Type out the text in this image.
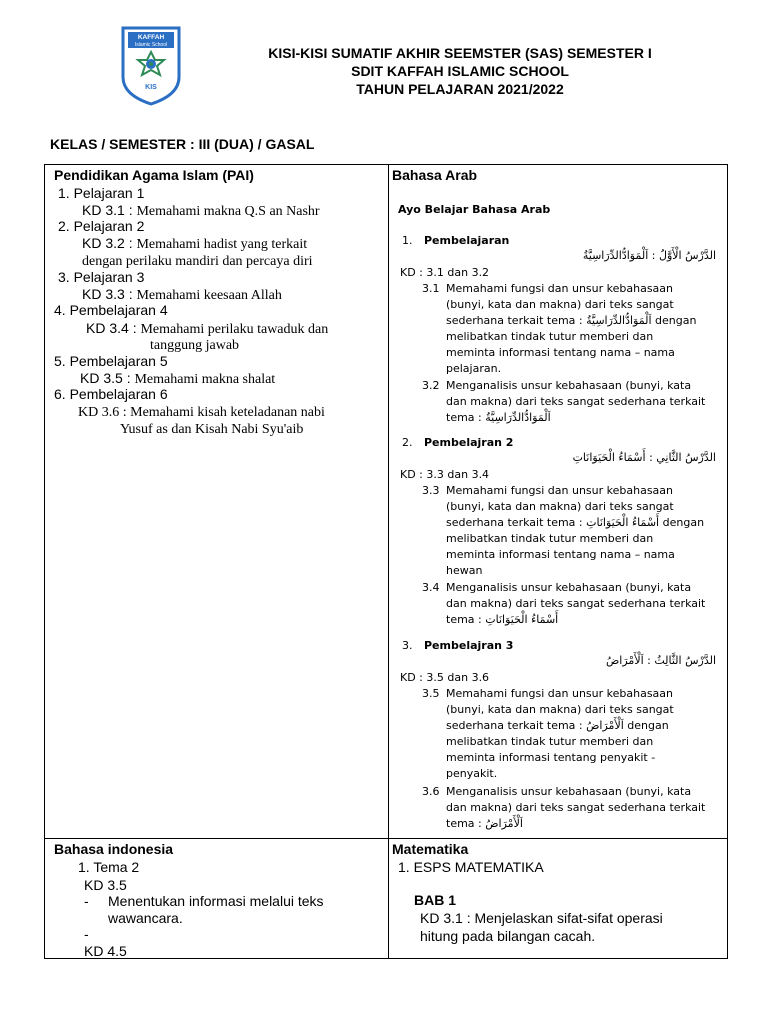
KAFFAH
Islamic School
KIS
KISI-KISI SUMATIF AKHIR SEEMSTER (SAS) SEMESTER I
SDIT KAFFAH ISLAMIC SCHOOL
TAHUN PELAJARAN 2021/2022
KELAS / SEMESTER : III (DUA) / GASAL
Pendidikan Agama Islam (PAI)
1. Pelajaran 1
KD 3.1 : Memahami makna Q.S an Nashr
2. Pelajaran 2
KD 3.2 : Memahami hadist yang terkait
dengan perilaku mandiri dan percaya diri
3. Pelajaran 3
KD 3.3 : Memahami keesaan Allah
4. Pembelajaran 4
KD 3.4 : Memahami perilaku tawaduk dan
tanggung jawab
5. Pembelajaran 5
KD 3.5 : Memahami makna shalat
6. Pembelajaran 6
KD 3.6 : Memahami kisah keteladanan nabi
Yusuf as dan Kisah Nabi Syu'aib
Bahasa Arab
Ayo Belajar Bahasa Arab
1. Pembelajaran
الدَّرْسُ الْأَوَّلُ : اَلْمَوَادُّالدِّرَاسِيَّةُ
KD : 3.1 dan 3.2
3.1 Memahami fungsi dan unsur kebahasaan
(bunyi, kata dan makna) dari teks sangat
sederhana terkait tema : اَلْمَوَادُّالدِّرَاسِيَّةُ dengan
melibatkan tindak tutur memberi dan
meminta informasi tentang nama – nama
pelajaran.
3.2 Menganalisis unsur kebahasaan (bunyi, kata
dan makna) dari teks sangat sederhana terkait
tema : اَلْمَوَادُّالدِّرَاسِيَّةُ
2. Pembelajran 2
الدَّرْسُ الثَّانِي : أَسْمَاءُ الْحَيَوَانَاتِ
KD : 3.3 dan 3.4
3.3 Memahami fungsi dan unsur kebahasaan
(bunyi, kata dan makna) dari teks sangat
sederhana terkait tema : أَسْمَاءُ الْحَيَوَانَاتِ dengan
melibatkan tindak tutur memberi dan
meminta informasi tentang nama – nama
hewan
3.4 Menganalisis unsur kebahasaan (bunyi, kata
dan makna) dari teks sangat sederhana terkait
tema : أَسْمَاءُ الْحَيَوَانَاتِ
3. Pembelajran 3
الدَّرْسُ الثَّالِثُ : اَلْأَمْرَاضُ
KD : 3.5 dan 3.6
3.5 Memahami fungsi dan unsur kebahasaan
(bunyi, kata dan makna) dari teks sangat
sederhana terkait tema : اَلْأَمْرَاضُ dengan
melibatkan tindak tutur memberi dan
meminta informasi tentang penyakit -
penyakit.
3.6 Menganalisis unsur kebahasaan (bunyi, kata
dan makna) dari teks sangat sederhana terkait
tema : اَلْأَمْرَاضُ
Bahasa indonesia
1. Tema 2
KD 3.5
- Menentukan informasi melalui teks
wawancara.
-
KD 4.5
Matematika
1. ESPS MATEMATIKA
BAB 1
KD 3.1 : Menjelaskan sifat-sifat operasi
hitung pada bilangan cacah.
